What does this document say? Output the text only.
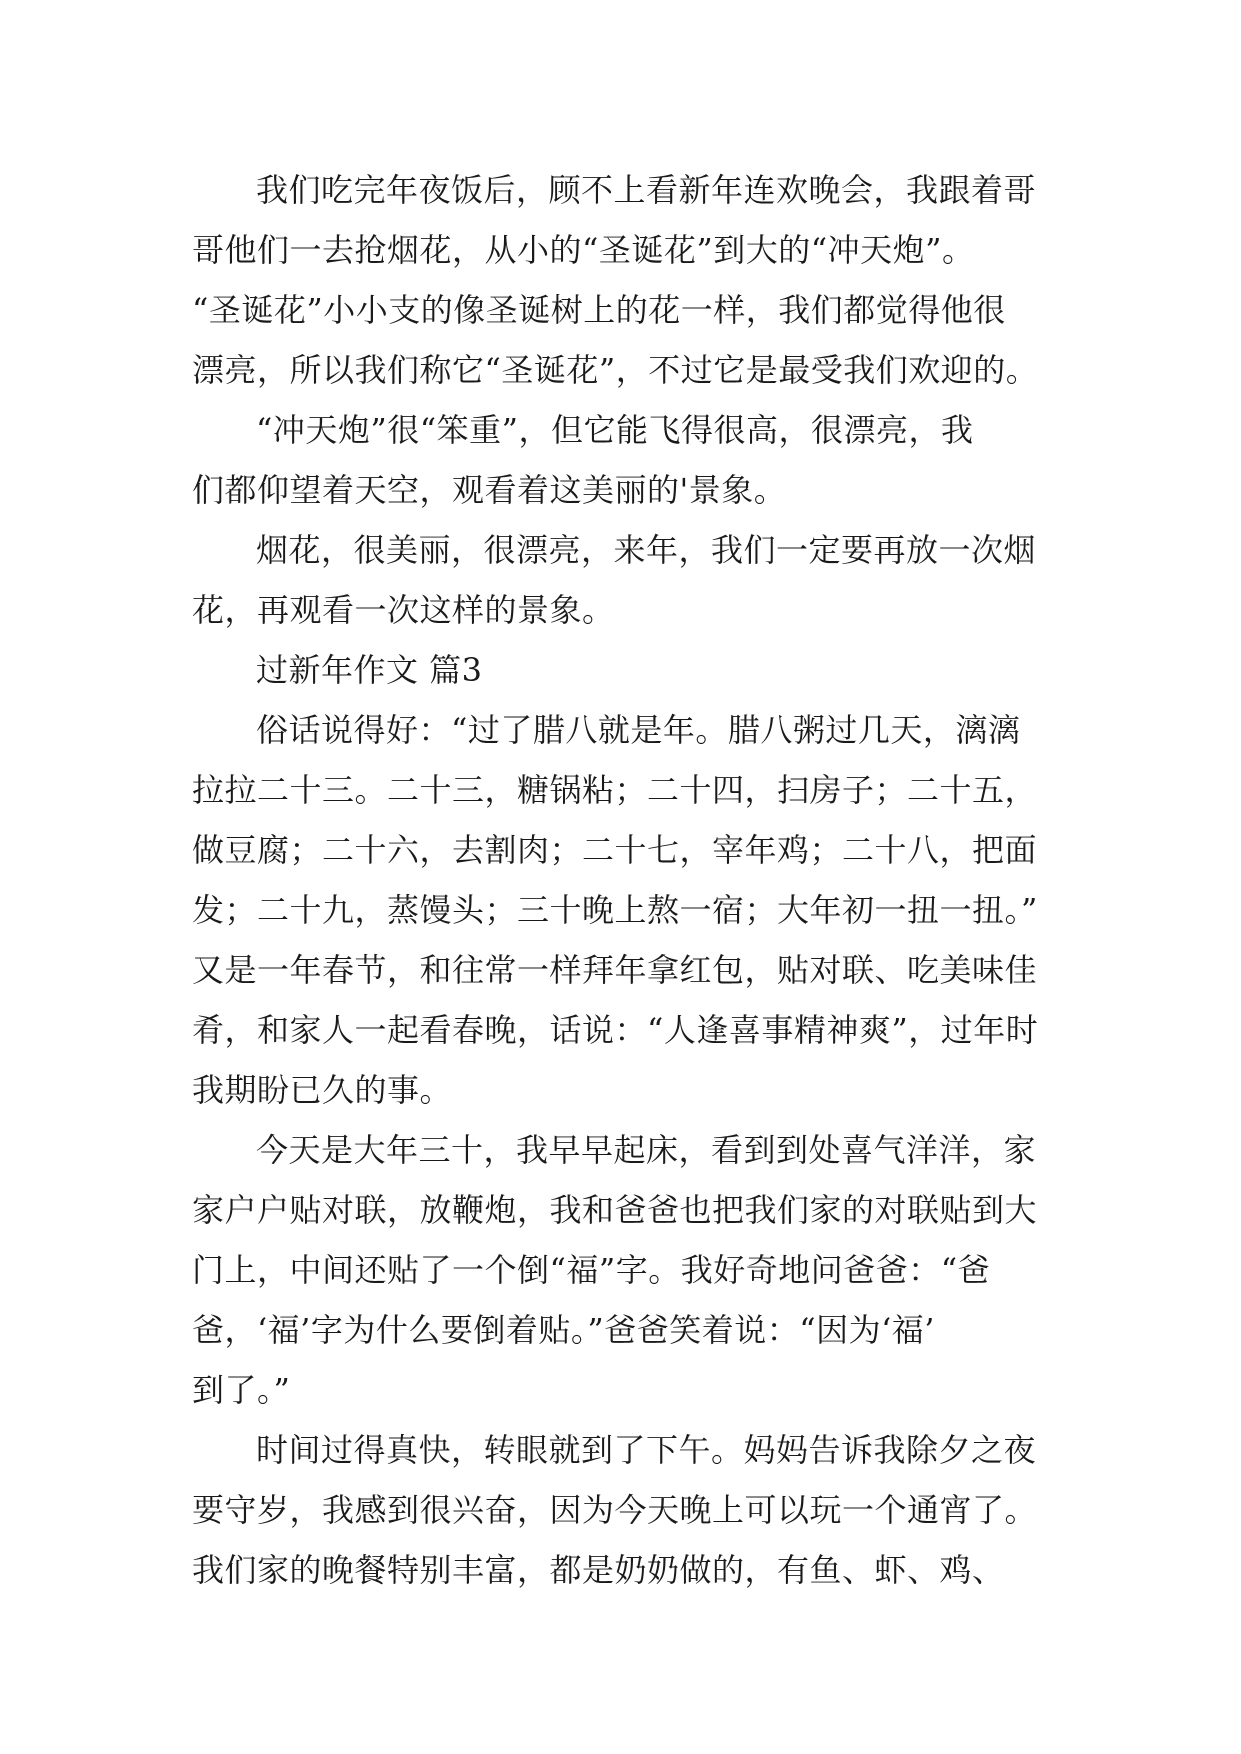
我们吃完年夜饭后，顾不上看新年连欢晚会，我跟着哥
哥他们一去抢烟花，从小的“圣诞花”到大的“冲天炮”。
“圣诞花”小小支的像圣诞树上的花一样，我们都觉得他很
漂亮，所以我们称它“圣诞花”，不过它是最受我们欢迎的。
“冲天炮”很“笨重”，但它能飞得很高，很漂亮，我
们都仰望着天空，观看着这美丽的'景象。
烟花，很美丽，很漂亮，来年，我们一定要再放一次烟
花，再观看一次这样的景象。
过新年作文 篇3
俗话说得好：“过了腊八就是年。腊八粥过几天，漓漓
拉拉二十三。二十三，糖锅粘；二十四，扫房子；二十五，
做豆腐；二十六，去割肉；二十七，宰年鸡；二十八，把面
发；二十九，蒸馒头；三十晚上熬一宿；大年初一扭一扭。”
又是一年春节，和往常一样拜年拿红包，贴对联、吃美味佳
肴，和家人一起看春晚，话说：“人逢喜事精神爽”，过年时
我期盼已久的事。
今天是大年三十，我早早起床，看到到处喜气洋洋，家
家户户贴对联，放鞭炮，我和爸爸也把我们家的对联贴到大
门上，中间还贴了一个倒“福”字。我好奇地问爸爸：“爸
爸，‘福’字为什么要倒着贴。”爸爸笑着说：“因为‘福’
到了。”
时间过得真快，转眼就到了下午。妈妈告诉我除夕之夜
要守岁，我感到很兴奋，因为今天晚上可以玩一个通宵了。
我们家的晚餐特别丰富，都是奶奶做的，有鱼、虾、鸡、
